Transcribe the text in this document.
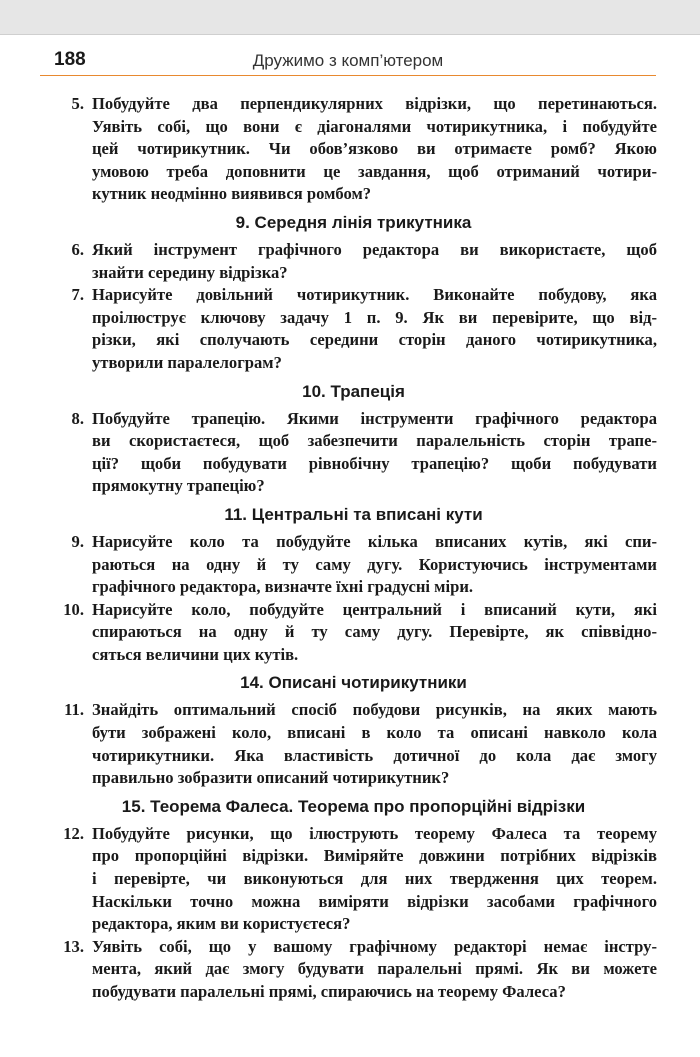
188	Дружимо з комп’ютером
5. Побудуйте два перпендикулярних відрізки, що перетинаються.
Уявіть собі, що вони є діагоналями чотирикутника, і побудуйте
цей чотирикутник. Чи обов’язково ви отримаєте ромб? Якою
умовою треба доповнити це завдання, щоб отриманий чотири-
кутник неодмінно виявився ромбом?
9. Середня лінія трикутника
6. Який інструмент графічного редактора ви використаєте, щоб
знайти середину відрізка?
7. Нарисуйте довільний чотирикутник. Виконайте побудову, яка
проілюструє ключову задачу 1 п. 9. Як ви перевірите, що від-
різки, які сполучають середини сторін даного чотирикутника,
утворили паралелограм?
10. Трапеція
8. Побудуйте трапецію. Якими інструменти графічного редактора
ви скористаєтеся, щоб забезпечити паралельність сторін трапе-
ції? щоби побудувати рівнобічну трапецію? щоби побудувати
прямокутну трапецію?
11. Центральні та вписані кути
9. Нарисуйте коло та побудуйте кілька вписаних кутів, які спи-
раються на одну й ту саму дугу. Користуючись інструментами
графічного редактора, визначте їхні градусні міри.
10. Нарисуйте коло, побудуйте центральний і вписаний кути, які
спираються на одну й ту саму дугу. Перевірте, як співвідно-
сяться величини цих кутів.
14. Описані чотирикутники
11. Знайдіть оптимальний спосіб побудови рисунків, на яких мають
бути зображені коло, вписані в коло та описані навколо кола
чотирикутники. Яка властивість дотичної до кола дає змогу
правильно зобразити описаний чотирикутник?
15. Теорема Фалеса. Теорема про пропорційні відрізки
12. Побудуйте рисунки, що ілюструють теорему Фалеса та теорему
про пропорційні відрізки. Виміряйте довжини потрібних відрізків
і перевірте, чи виконуються для них твердження цих теорем.
Наскільки точно можна виміряти відрізки засобами графічного
редактора, яким ви користуєтеся?
13. Уявіть собі, що у вашому графічному редакторі немає інстру-
мента, який дає змогу будувати паралельні прямі. Як ви можете
побудувати паралельні прямі, спираючись на теорему Фалеса?
